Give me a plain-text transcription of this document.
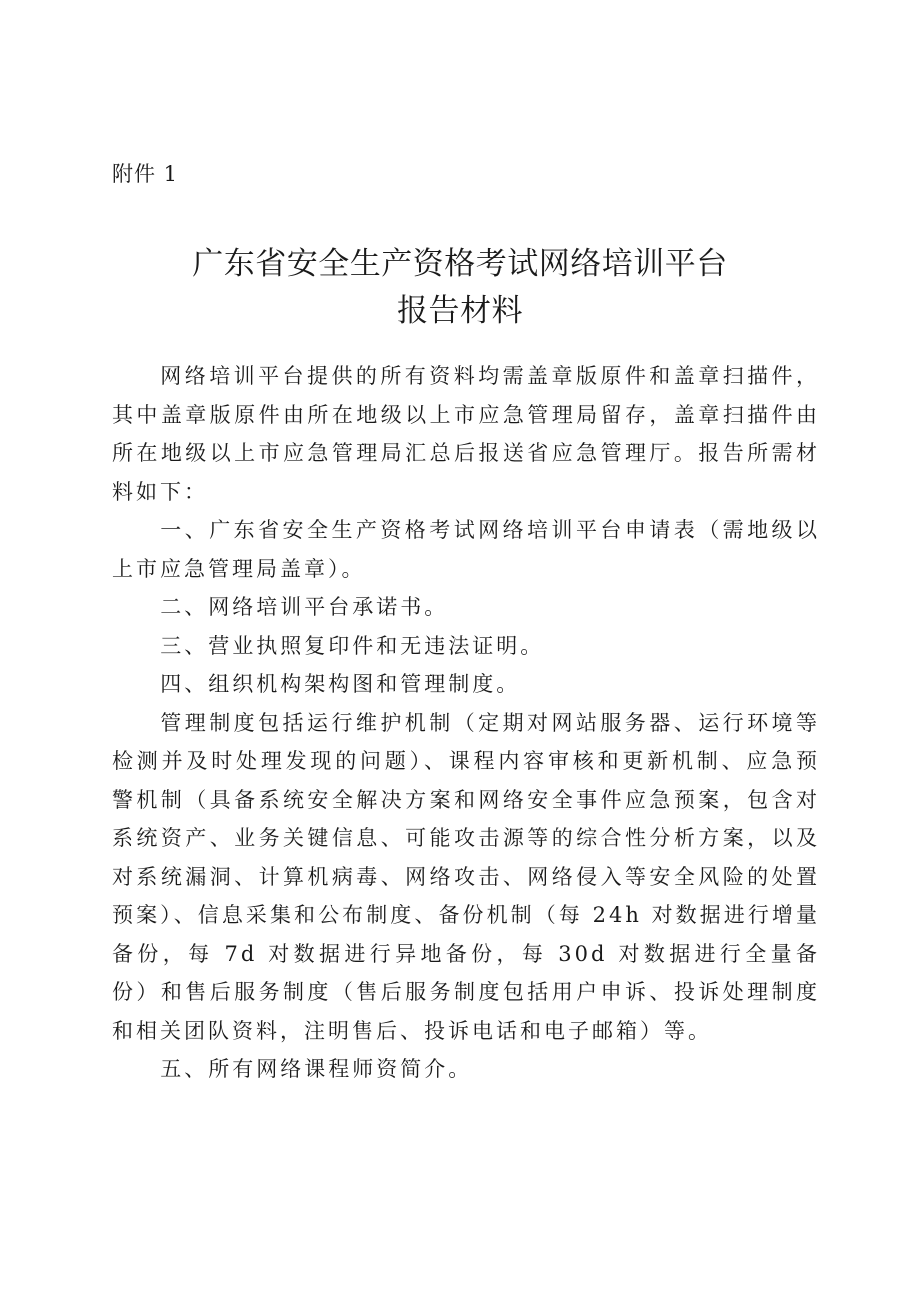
附件 1
广东省安全生产资格考试网络培训平台
报告材料

网络培训平台提供的所有资料均需盖章版原件和盖章扫描件，其中盖章版原件由所在地级以上市应急管理局留存，盖章扫描件由所在地级以上市应急管理局汇总后报送省应急管理厅。报告所需材料如下：

一、广东省安全生产资格考试网络培训平台申请表（需地级以上市应急管理局盖章）。

二、网络培训平台承诺书。

三、营业执照复印件和无违法证明。

四、组织机构架构图和管理制度。

管理制度包括运行维护机制（定期对网站服务器、运行环境等检测并及时处理发现的问题）、课程内容审核和更新机制、应急预警机制（具备系统安全解决方案和网络安全事件应急预案，包含对系统资产、业务关键信息、可能攻击源等的综合性分析方案，以及对系统漏洞、计算机病毒、网络攻击、网络侵入等安全风险的处置预案）、信息采集和公布制度、备份机制（每 24h 对数据进行增量备份，每 7d 对数据进行异地备份，每 30d 对数据进行全量备份）和售后服务制度（售后服务制度包括用户申诉、投诉处理制度和相关团队资料，注明售后、投诉电话和电子邮箱）等。

五、所有网络课程师资简介。
